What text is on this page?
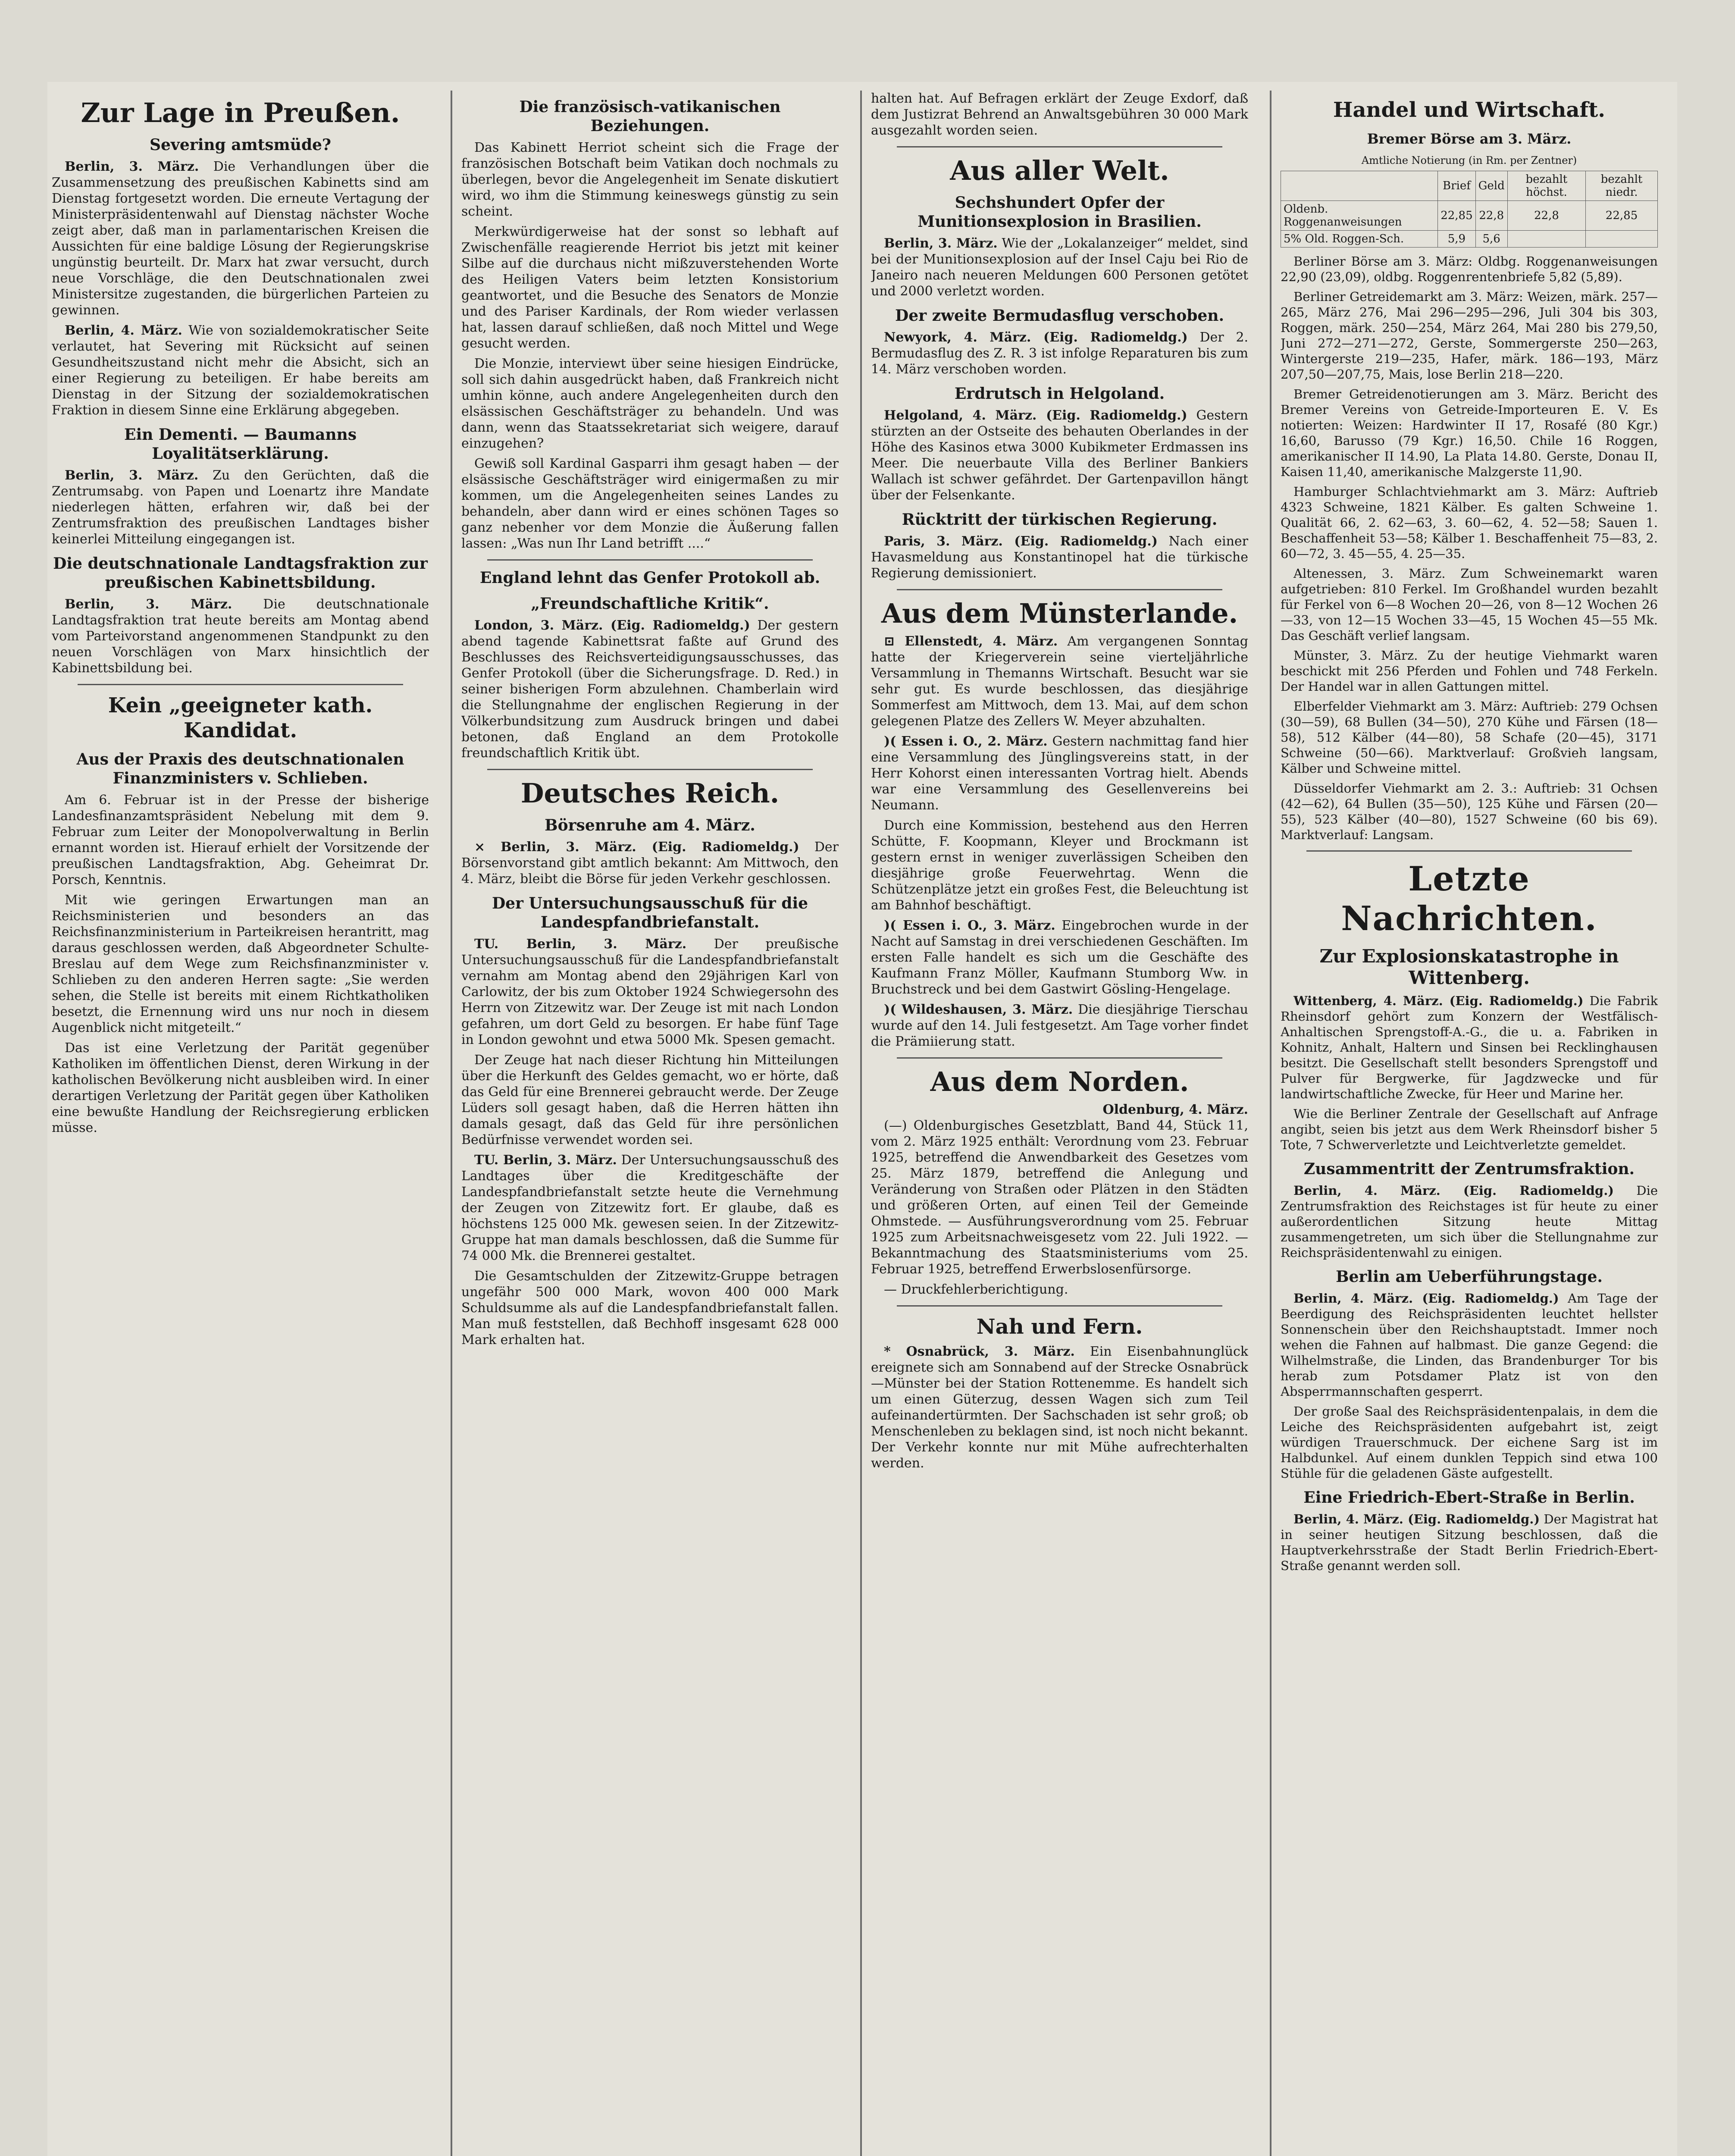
Zur Lage in Preußen.
Severing amtsmüde?

Berlin, 3. März. Die Verhandlungen über die Zusammensetzung des preußischen Kabinetts sind am Dienstag fortgesetzt worden. Die erneute Vertagung der Ministerpräsidentenwahl auf Dienstag nächster Woche zeigt aber, daß man in parlamentarischen Kreisen die Aussichten für eine baldige Lösung der Regierungskrise ungünstig beurteilt. Dr. Marx hat zwar versucht, durch neue Vorschläge, die den Deutschnationalen zwei Ministersitze zugestanden, die bürgerlichen Parteien zu gewinnen.

Berlin, 4. März. Wie von sozialdemokratischer Seite verlautet, hat Severing mit Rücksicht auf seinen Gesundheitszustand nicht mehr die Absicht, sich an einer Regierung zu beteiligen. Er habe bereits am Dienstag in der Sitzung der sozialdemokratischen Fraktion in diesem Sinne eine Erklärung abgegeben.

Ein Dementi. — Baumanns Loyalitätserklärung.

Berlin, 3. März. Zu den Gerüchten, daß die Zentrumsabg. von Papen und Loenartz ihre Mandate niederlegen hätten, erfahren wir, daß bei der Zentrumsfraktion des preußischen Landtages bisher keinerlei Mitteilung eingegangen ist.

Die deutschnationale Landtagsfraktion zur preußischen Kabinettsbildung.

Berlin, 3. März. Die deutschnationale Landtagsfraktion trat heute bereits am Montag abend vom Parteivorstand angenommenen Standpunkt zu den neuen Vorschlägen von Marx hinsichtlich der Kabinettsbildung bei.

Kein „geeigneter kath. Kandidat.
Aus der Praxis des deutschnationalen Finanzministers v. Schlieben.

Am 6. Februar ist in der Presse der bisherige Landesfinanzamtspräsident Nebelung mit dem 9. Februar zum Leiter der Monopolverwaltung in Berlin ernannt worden ist. Hierauf erhielt der Vorsitzende der preußischen Landtagsfraktion, Abg. Geheimrat Dr. Porsch, Kenntnis.

Mit wie geringen Erwartungen man an Reichsministerien und besonders an das Reichsfinanzministerium in Parteikreisen herantritt, mag daraus geschlossen werden, daß Abgeordneter Schulte-Breslau auf dem Wege zum Reichsfinanzminister v. Schlieben zu den anderen Herren sagte: „Sie werden sehen, die Stelle ist bereits mit einem Richtkatholiken besetzt, die Ernennung wird uns nur noch in diesem Augenblick nicht mitgeteilt.“

Das ist eine Verletzung der Parität gegenüber Katholiken im öffentlichen Dienst, deren Wirkung in der katholischen Bevölkerung nicht ausbleiben wird. In einer derartigen Verletzung der Parität gegen über Katholiken eine bewußte Handlung der Reichsregierung erblicken müsse.

Die französisch-vatikanischen Beziehungen.

Das Kabinett Herriot scheint sich die Frage der französischen Botschaft beim Vatikan doch nochmals zu überlegen, bevor die Angelegenheit im Senate diskutiert wird, wo ihm die Stimmung keineswegs günstig zu sein scheint.

Merkwürdigerweise hat der sonst so lebhaft auf Zwischenfälle reagierende Herriot bis jetzt mit keiner Silbe auf die durchaus nicht mißzuverstehenden Worte des Heiligen Vaters beim letzten Konsistorium geantwortet, und die Besuche des Senators de Monzie und des Pariser Kardinals, der Rom wieder verlassen hat, lassen darauf schließen, daß noch Mittel und Wege gesucht werden.

Die Monzie, interviewt über seine hiesigen Eindrücke, soll sich dahin ausgedrückt haben, daß Frankreich nicht umhin könne, auch andere Angelegenheiten durch den elsässischen Geschäftsträger zu behandeln. Und was dann, wenn das Staatssekretariat sich weigere, darauf einzugehen?

Gewiß soll Kardinal Gasparri ihm gesagt haben — der elsässische Geschäftsträger wird einigermaßen zu mir kommen, um die Angelegenheiten seines Landes zu behandeln, aber dann wird er eines schönen Tages so ganz nebenher vor dem Monzie die Äußerung fallen lassen: „Was nun Ihr Land betrifft ....“

England lehnt das Genfer Protokoll ab.
„Freundschaftliche Kritik“.

London, 3. März. (Eig. Radiomeldg.) Der gestern abend tagende Kabinettsrat faßte auf Grund des Beschlusses des Reichsverteidigungsausschusses, das Genfer Protokoll (über die Sicherungsfrage. D. Red.) in seiner bisherigen Form abzulehnen. Chamberlain wird die Stellungnahme der englischen Regierung in der Völkerbundsitzung zum Ausdruck bringen und dabei betonen, daß England an dem Protokolle freundschaftlich Kritik übt.

Deutsches Reich.
Börsenruhe am 4. März.

× Berlin, 3. März. (Eig. Radiomeldg.) Der Börsenvorstand gibt amtlich bekannt: Am Mittwoch, den 4. März, bleibt die Börse für jeden Verkehr geschlossen.

Der Untersuchungsausschuß für die Landespfandbriefanstalt.

TU. Berlin, 3. März. Der preußische Untersuchungsausschuß für die Landespfandbriefanstalt vernahm am Montag abend den 29jährigen Karl von Carlowitz, der bis zum Oktober 1924 Schwiegersohn des Herrn von Zitzewitz war. Der Zeuge ist mit nach London gefahren, um dort Geld zu besorgen. Er habe fünf Tage in London gewohnt und etwa 5000 Mk. Spesen gemacht.

Der Zeuge hat nach dieser Richtung hin Mitteilungen über die Herkunft des Geldes gemacht, wo er hörte, daß das Geld für eine Brennerei gebraucht werde. Der Zeuge Lüders soll gesagt haben, daß die Herren hätten ihn damals gesagt, daß das Geld für ihre persönlichen Bedürfnisse verwendet worden sei.

TU. Berlin, 3. März. Der Untersuchungsausschuß des Landtages über die Kreditgeschäfte der Landespfandbriefanstalt setzte heute die Vernehmung der Zeugen von Zitzewitz fort. Er glaube, daß es höchstens 125 000 Mk. gewesen seien. In der Zitzewitz-Gruppe hat man damals beschlossen, daß die Summe für 74 000 Mk. die Brennerei gestaltet.

Die Gesamtschulden der Zitzewitz-Gruppe betragen ungefähr 500 000 Mark, wovon 400 000 Mark Schuldsumme als auf die Landespfandbriefanstalt fallen. Man muß feststellen, daß Bechhoff insgesamt 628 000 Mark erhalten hat.

halten hat. Auf Befragen erklärt der Zeuge Exdorf, daß dem Justizrat Behrend an Anwaltsgebühren 30 000 Mark ausgezahlt worden seien.

Aus aller Welt.
Sechshundert Opfer der Munitionsexplosion in Brasilien.

Berlin, 3. März. Wie der „Lokalanzeiger“ meldet, sind bei der Munitionsexplosion auf der Insel Caju bei Rio de Janeiro nach neueren Meldungen 600 Personen getötet und 2000 verletzt worden.

Der zweite Bermudasflug verschoben.

Newyork, 4. März. (Eig. Radiomeldg.) Der 2. Bermudasflug des Z. R. 3 ist infolge Reparaturen bis zum 14. März verschoben worden.

Erdrutsch in Helgoland.

Helgoland, 4. März. (Eig. Radiomeldg.) Gestern stürzten an der Ostseite des behauten Oberlandes in der Höhe des Kasinos etwa 3000 Kubikmeter Erdmassen ins Meer. Die neuerbaute Villa des Berliner Bankiers Wallach ist schwer gefährdet. Der Gartenpavillon hängt über der Felsenkante.

Rücktritt der türkischen Regierung.

Paris, 3. März. (Eig. Radiomeldg.) Nach einer Havasmeldung aus Konstantinopel hat die türkische Regierung demissioniert.

Aus dem Münsterlande.

⊡ Ellenstedt, 4. März. Am vergangenen Sonntag hatte der Kriegerverein seine vierteljährliche Versammlung in Themanns Wirtschaft. Besucht war sie sehr gut. Es wurde beschlossen, das diesjährige Sommerfest am Mittwoch, dem 13. Mai, auf dem schon gelegenen Platze des Zellers W. Meyer abzuhalten.

)( Essen i. O., 2. März. Gestern nachmittag fand hier eine Versammlung des Jünglingsvereins statt, in der Herr Kohorst einen interessanten Vortrag hielt. Abends war eine Versammlung des Gesellenvereins bei Neumann.

Durch eine Kommission, bestehend aus den Herren Schütte, F. Koopmann, Kleyer und Brockmann ist gestern ernst in weniger zuverlässigen Scheiben den diesjährige große Feuerwehrtag. Wenn die Schützenplätze jetzt ein großes Fest, die Beleuchtung ist am Bahnhof beschäftigt.

)( Essen i. O., 3. März. Eingebrochen wurde in der Nacht auf Samstag in drei verschiedenen Geschäften. Im ersten Falle handelt es sich um die Geschäfte des Kaufmann Franz Möller, Kaufmann Stumborg Ww. in Bruchstreck und bei dem Gastwirt Gösling-Hengelage.

)( Wildeshausen, 3. März. Die diesjährige Tierschau wurde auf den 14. Juli festgesetzt. Am Tage vorher findet die Prämiierung statt.

Aus dem Norden.
Oldenburg, 4. März.

(—) Oldenburgisches Gesetzblatt, Band 44, Stück 11, vom 2. März 1925 enthält: Verordnung vom 23. Februar 1925, betreffend die Anwendbarkeit des Gesetzes vom 25. März 1879, betreffend die Anlegung und Veränderung von Straßen oder Plätzen in den Städten und größeren Orten, auf einen Teil der Gemeinde Ohmstede. — Ausführungsverordnung vom 25. Februar 1925 zum Arbeitsnachweisgesetz vom 22. Juli 1922. — Bekanntmachung des Staatsministeriums vom 25. Februar 1925, betreffend Erwerbslosenfürsorge.

— Druckfehlerberichtigung.

Nah und Fern.

* Osnabrück, 3. März. Ein Eisenbahnunglück ereignete sich am Sonnabend auf der Strecke Osnabrück—Münster bei der Station Rottenemme. Es handelt sich um einen Güterzug, dessen Wagen sich zum Teil aufeinandertürmten. Der Sachschaden ist sehr groß; ob Menschenleben zu beklagen sind, ist noch nicht bekannt. Der Verkehr konnte nur mit Mühe aufrechterhalten werden.

Handel und Wirtschaft.
Bremer Börse am 3. März.
Amtliche Notierung (in Rm. per Zentner)
	Brief	Geld	bezahlt höchst.	bezahlt niedr.
Oldenb. Roggenanweisungen	22,85	22,8	22,8	22,85
5% Old. Roggen-Sch.	5,9	5,6		

Berliner Börse am 3. März: Oldbg. Roggenanweisungen 22,90 (23,09), oldbg. Roggenrentenbriefe 5,82 (5,89).

Berliner Getreidemarkt am 3. März: Weizen, märk. 257—265, März 276, Mai 296—295—296, Juli 304 bis 303, Roggen, märk. 250—254, März 264, Mai 280 bis 279,50, Juni 272—271—272, Gerste, Sommergerste 250—263, Wintergerste 219—235, Hafer, märk. 186—193, März 207,50—207,75, Mais, lose Berlin 218—220.

Bremer Getreidenotierungen am 3. März. Bericht des Bremer Vereins von Getreide-Importeuren E. V. Es notierten: Weizen: Hardwinter II 17, Rosafé (80 Kgr.) 16,60, Barusso (79 Kgr.) 16,50. Chile 16 Roggen, amerikanischer II 14.90, La Plata 14.80. Gerste, Donau II, Kaisen 11,40, amerikanische Malzgerste 11,90.

Hamburger Schlachtviehmarkt am 3. März: Auftrieb 4323 Schweine, 1821 Kälber. Es galten Schweine 1. Qualität 66, 2. 62—63, 3. 60—62, 4. 52—58; Sauen 1. Beschaffenheit 53—58; Kälber 1. Beschaffenheit 75—83, 2. 60—72, 3. 45—55, 4. 25—35.

Altenessen, 3. März. Zum Schweinemarkt waren aufgetrieben: 810 Ferkel. Im Großhandel wurden bezahlt für Ferkel von 6—8 Wochen 20—26, von 8—12 Wochen 26—33, von 12—15 Wochen 33—45, 15 Wochen 45—55 Mk. Das Geschäft verlief langsam.

Münster, 3. März. Zu der heutige Viehmarkt waren beschickt mit 256 Pferden und Fohlen und 748 Ferkeln. Der Handel war in allen Gattungen mittel.

Elberfelder Viehmarkt am 3. März: Auftrieb: 279 Ochsen (30—59), 68 Bullen (34—50), 270 Kühe und Färsen (18—58), 512 Kälber (44—80), 58 Schafe (20—45), 3171 Schweine (50—66). Marktverlauf: Großvieh langsam, Kälber und Schweine mittel.

Düsseldorfer Viehmarkt am 2. 3.: Auftrieb: 31 Ochsen (42—62), 64 Bullen (35—50), 125 Kühe und Färsen (20—55), 523 Kälber (40—80), 1527 Schweine (60 bis 69). Marktverlauf: Langsam.

Letzte Nachrichten.
Zur Explosionskatastrophe in Wittenberg.

Wittenberg, 4. März. (Eig. Radiomeldg.) Die Fabrik Rheinsdorf gehört zum Konzern der Westfälisch-Anhaltischen Sprengstoff-A.-G., die u. a. Fabriken in Kohnitz, Anhalt, Haltern und Sinsen bei Recklinghausen besitzt. Die Gesellschaft stellt besonders Sprengstoff und Pulver für Bergwerke, für Jagdzwecke und für landwirtschaftliche Zwecke, für Heer und Marine her.

Wie die Berliner Zentrale der Gesellschaft auf Anfrage angibt, seien bis jetzt aus dem Werk Rheinsdorf bisher 5 Tote, 7 Schwerverletzte und Leichtverletzte gemeldet.

Zusammentritt der Zentrumsfraktion.

Berlin, 4. März. (Eig. Radiomeldg.) Die Zentrumsfraktion des Reichstages ist für heute zu einer außerordentlichen Sitzung heute Mittag zusammengetreten, um sich über die Stellungnahme zur Reichspräsidentenwahl zu einigen.

Berlin am Ueberführungstage.

Berlin, 4. März. (Eig. Radiomeldg.) Am Tage der Beerdigung des Reichspräsidenten leuchtet hellster Sonnenschein über den Reichshauptstadt. Immer noch wehen die Fahnen auf halbmast. Die ganze Gegend: die Wilhelmstraße, die Linden, das Brandenburger Tor bis herab zum Potsdamer Platz ist von den Absperrmannschaften gesperrt.

Der große Saal des Reichspräsidentenpalais, in dem die Leiche des Reichspräsidenten aufgebahrt ist, zeigt würdigen Trauerschmuck. Der eichene Sarg ist im Halbdunkel. Auf einem dunklen Teppich sind etwa 100 Stühle für die geladenen Gäste aufgestellt.

Eine Friedrich-Ebert-Straße in Berlin.

Berlin, 4. März. (Eig. Radiomeldg.) Der Magistrat hat in seiner heutigen Sitzung beschlossen, daß die Hauptverkehrsstraße der Stadt Berlin Friedrich-Ebert-Straße genannt werden soll.
